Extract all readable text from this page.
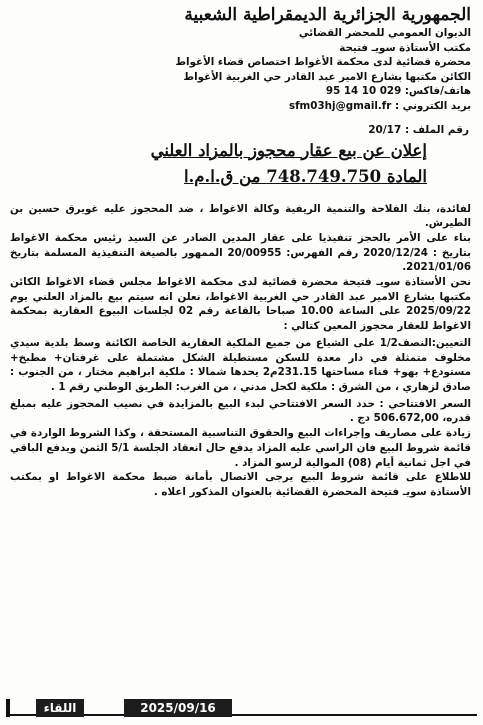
الجمهورية الجزائرية الديمقراطية الشعبية
الديوان العمومي للمحضر القضائي
مكتب الأستاذة سويـ فتيحة
محضرة قضائية لدى محكمة الأغواط اختصاص قضاء الأغواط
الكائن مكتبها بشارع الامير عبد القادر حي الغربية الأغواط
هاتف/فاكس: 029 10 14 95
بريد الكتروني : sfm03hj@gmail.fr
رقم الملف : 20/17
إعلان عن بيع عقار محجوز بالمزاد العلني
المادة 748.749.750 من ق.ا.م.ا

لفائدة، بنك الفلاحة والتنمية الريفية وكالة الاغواط ، ضد المحجوز عليه غويرق حسين بن الطيرش.

بناء على الأمر بالحجز تنفيذيا على عقار المدين الصادر عن السيد رئيس محكمة الاغواط بتاريخ : 2020/12/24 رقم الفهرس: 20/00955 الممهور بالصيغة التنفيذية المسلمة بتاريخ 2021/01/06.

نحن الأستاذة سويـ فتيحة محضرة قضائية لدى محكمة الاغواط مجلس قضاء الاغواط الكائن مكتبها بشارع الامير عبد القادر حي الغربية الاغواط، نعلن انه سيتم بيع بالمزاد العلني يوم 2025/09/22 على الساعة 10.00 صباحا بالقاعة رقم 02 لجلسات البيوع العقارية بمحكمة الاغواط للعقار محجوز المعين كتالي :

التعيين:النصف1/2 على الشياع من جميع الملكية العقارية الخاصة الكائنة وسط بلدية سيدي مخلوف متمثلة في دار معدة للسكن مستطيلة الشكل مشتملة على غرفتان+ مطبخ+ مستودع+ بهو+ فناء مساحتها 231.15م2 يحدها شمالا : ملكية ابراهيم مختار ، من الجنوب : صادق لزهاري ، من الشرق : ملكية لكحل مدني ، من الغرب: الطريق الوطني رقم 1 .

السعر الافتتاحي : حدد السعر الافتتاحي لبدء البيع بالمزايدة في نصيب المحجوز عليه بمبلغ قدره، 506.672,00 دج .

زيادة على مصاريف وإجراءات البيع والحقوق التناسبية المستحقة ، وكذا الشروط الواردة في قائمة شروط البيع فان الراسي عليه المزاد يدفع حال انعقاد الجلسة 5/1 الثمن ويدفع الباقي في اجل ثمانية أيام (08) الموالية لرسو المزاد .

للاطلاع على قائمة شروط البيع يرجى الاتصال بأمانة ضبط محكمة الاغواط او بمكتب الأستاذة سويـ فتيحة المحضرة القضائية بالعنوان المذكور اعلاه .

اللقاء	2025/09/16
